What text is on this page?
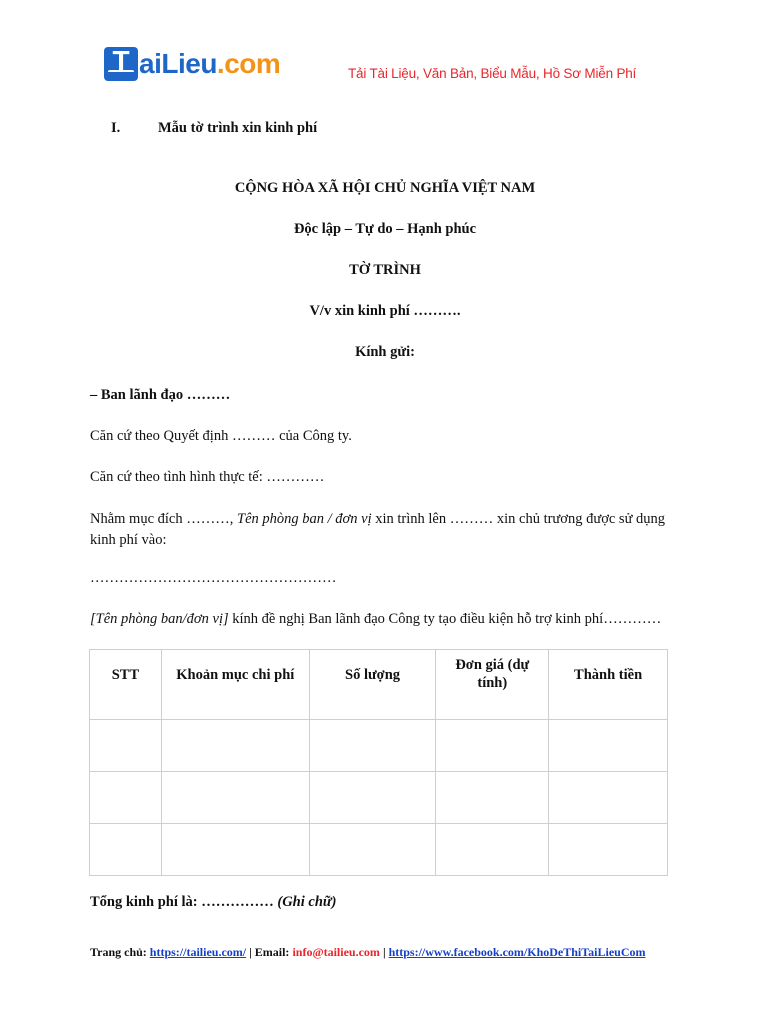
T aiLieu.com	Tải Tài Liệu, Văn Bản, Biểu Mẫu, Hồ Sơ Miễn Phí
I.	Mẫu tờ trình xin kinh phí
CỘNG HÒA XÃ HỘI CHỦ NGHĨA VIỆT NAM
Độc lập – Tự do – Hạnh phúc
TỜ TRÌNH
V/v xin kinh phí ……….
Kính gửi:
– Ban lãnh đạo ………
Căn cứ theo Quyết định ……… của Công ty.
Căn cứ theo tình hình thực tế: …………
Nhằm mục đích ………, Tên phòng ban / đơn vị xin trình lên ……… xin chủ trương được sử dụng kinh phí vào:
……………………………………………
[Tên phòng ban/đơn vị] kính đề nghị Ban lãnh đạo Công ty tạo điều kiện hỗ trợ kinh phí…………
STT	Khoản mục chi phí	Số lượng	Đơn giá (dự tính)	Thành tiền

Tổng kinh phí là: …………… (Ghi chữ)
Trang chủ: https://tailieu.com/ | Email: info@tailieu.com | https://www.facebook.com/KhoDeThiTaiLieuCom
